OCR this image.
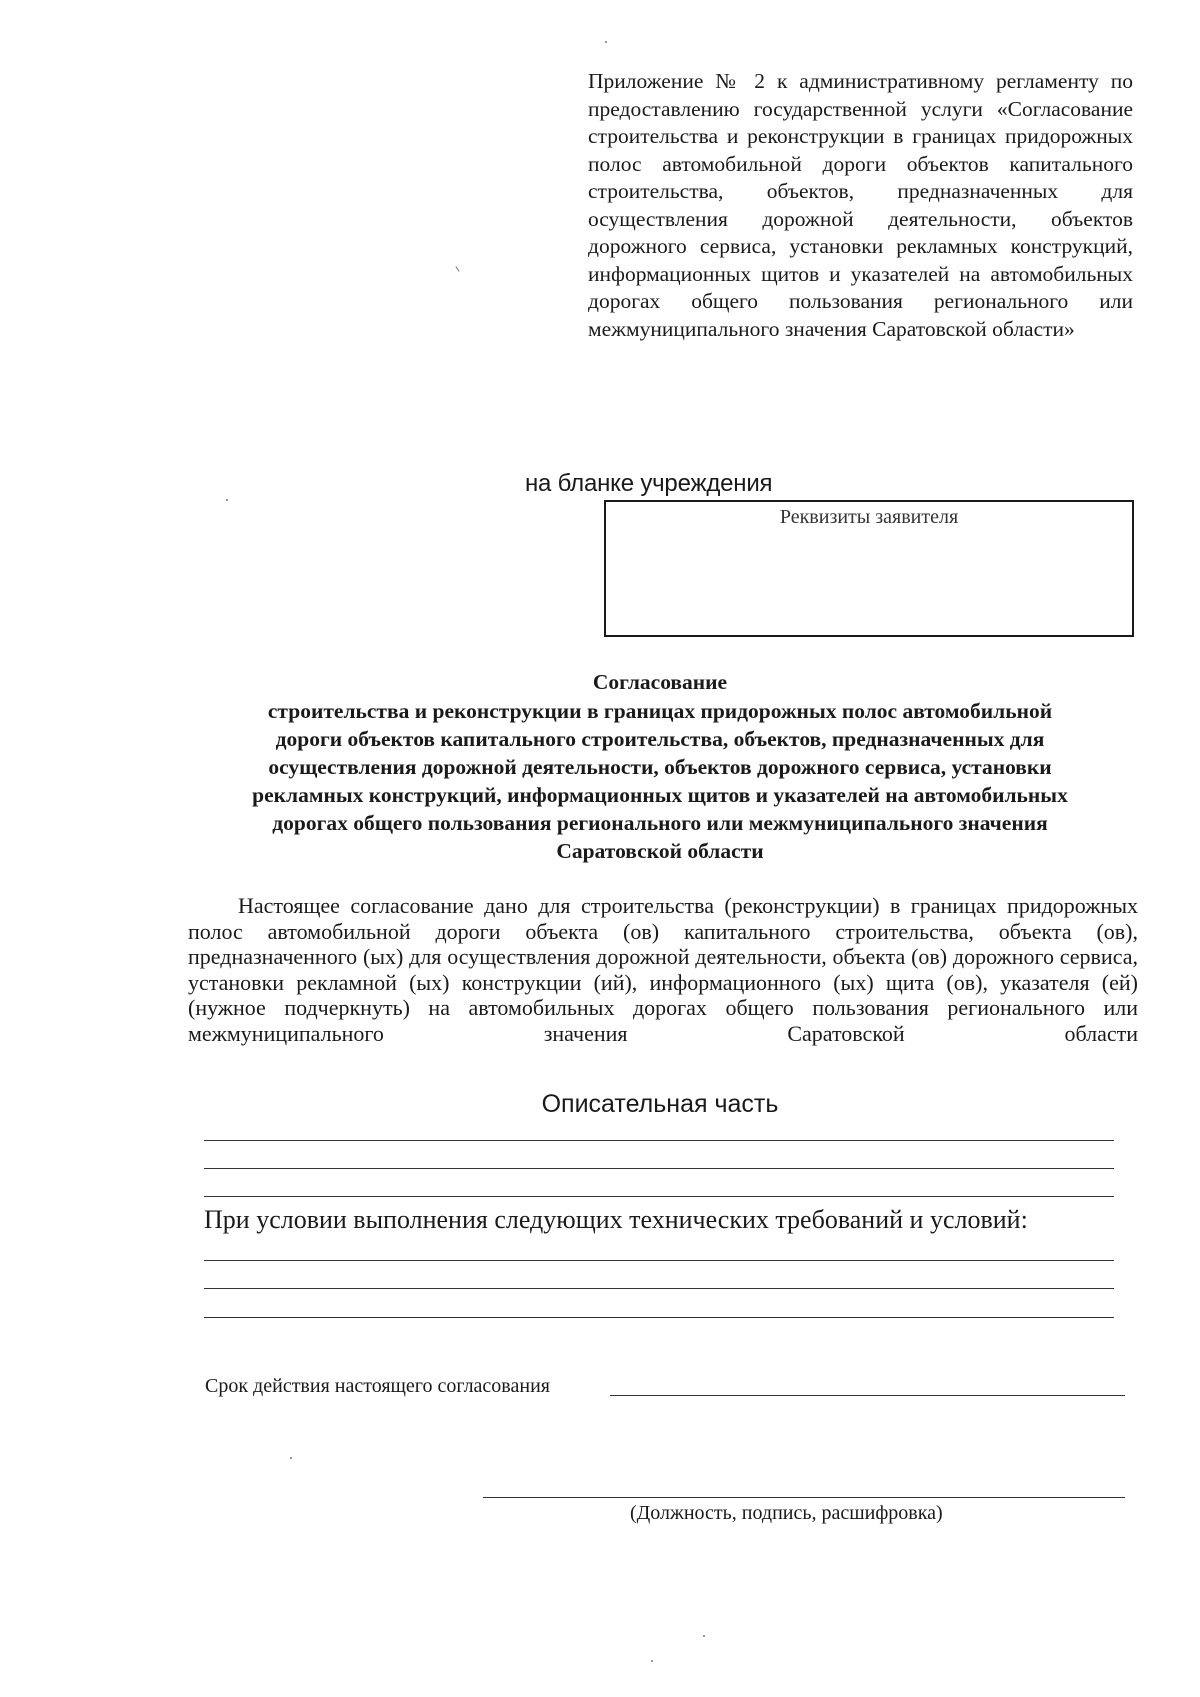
Приложение № 2 к административному регламенту по предоставлению государственной услуги «Согласование строительства и реконструкции в границах придорожных полос автомобильной дороги объектов капитального строительства, объектов, предназначенных для осуществления дорожной деятельности, объектов дорожного сервиса, установки рекламных конструкций, информационных щитов и указателей на автомобильных дорогах общего пользования регионального или межмуниципального значения Саратовской области»
на бланке учреждения
Реквизиты заявителя
Согласование
строительства и реконструкции в границах придорожных полос автомобильной
дороги объектов капитального строительства, объектов, предназначенных для
осуществления дорожной деятельности, объектов дорожного сервиса, установки
рекламных конструкций, информационных щитов и указателей на автомобильных
дорогах общего пользования регионального или межмуниципального значения
Саратовской области
Настоящее согласование дано для строительства (реконструкции) в границах придорожных полос автомобильной дороги объекта (ов) капитального строительства, объекта (ов), предназначенного (ых) для осуществления дорожной деятельности, объекта (ов) дорожного сервиса, установки рекламной (ых) конструкции (ий), информационного (ых) щита (ов), указателя (ей) (нужное подчеркнуть) на автомобильных дорогах общего пользования регионального или межмуниципального значения Саратовской области
Описательная часть
При условии выполнения следующих технических требований и условий:
Срок действия настоящего согласования
(Должность, подпись, расшифровка)
